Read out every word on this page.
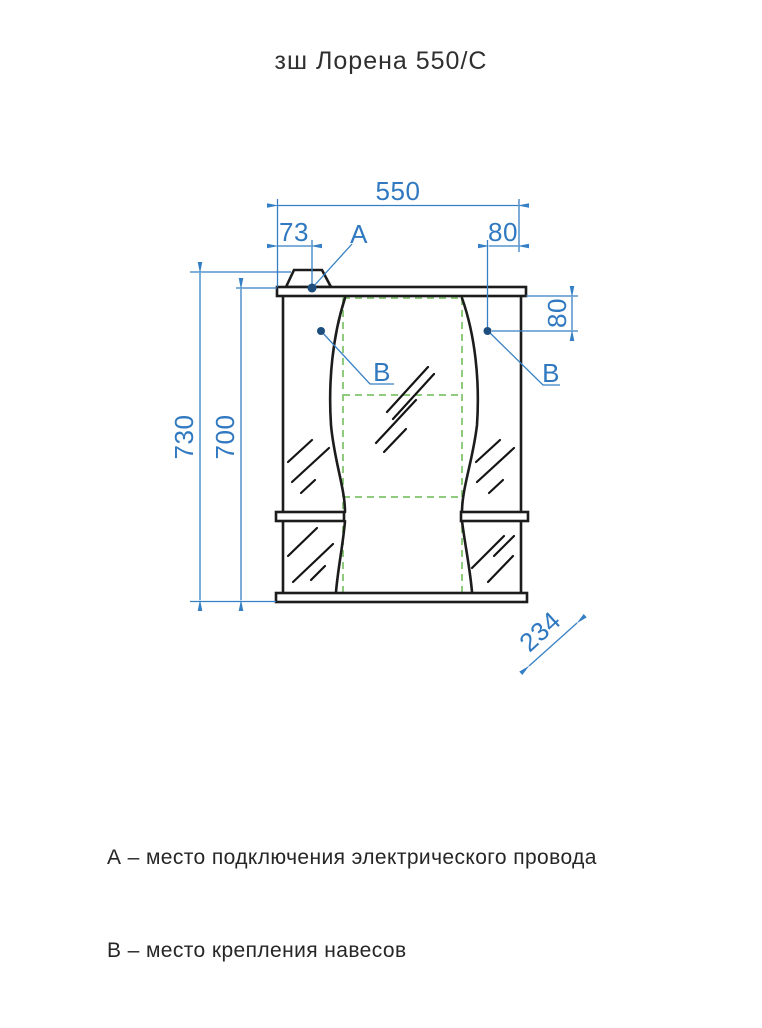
зш Лорена 550/С
550
73	80
730 700
80
234
A
B	B

А – место подключения электрического провода

В – место крепления навесов
